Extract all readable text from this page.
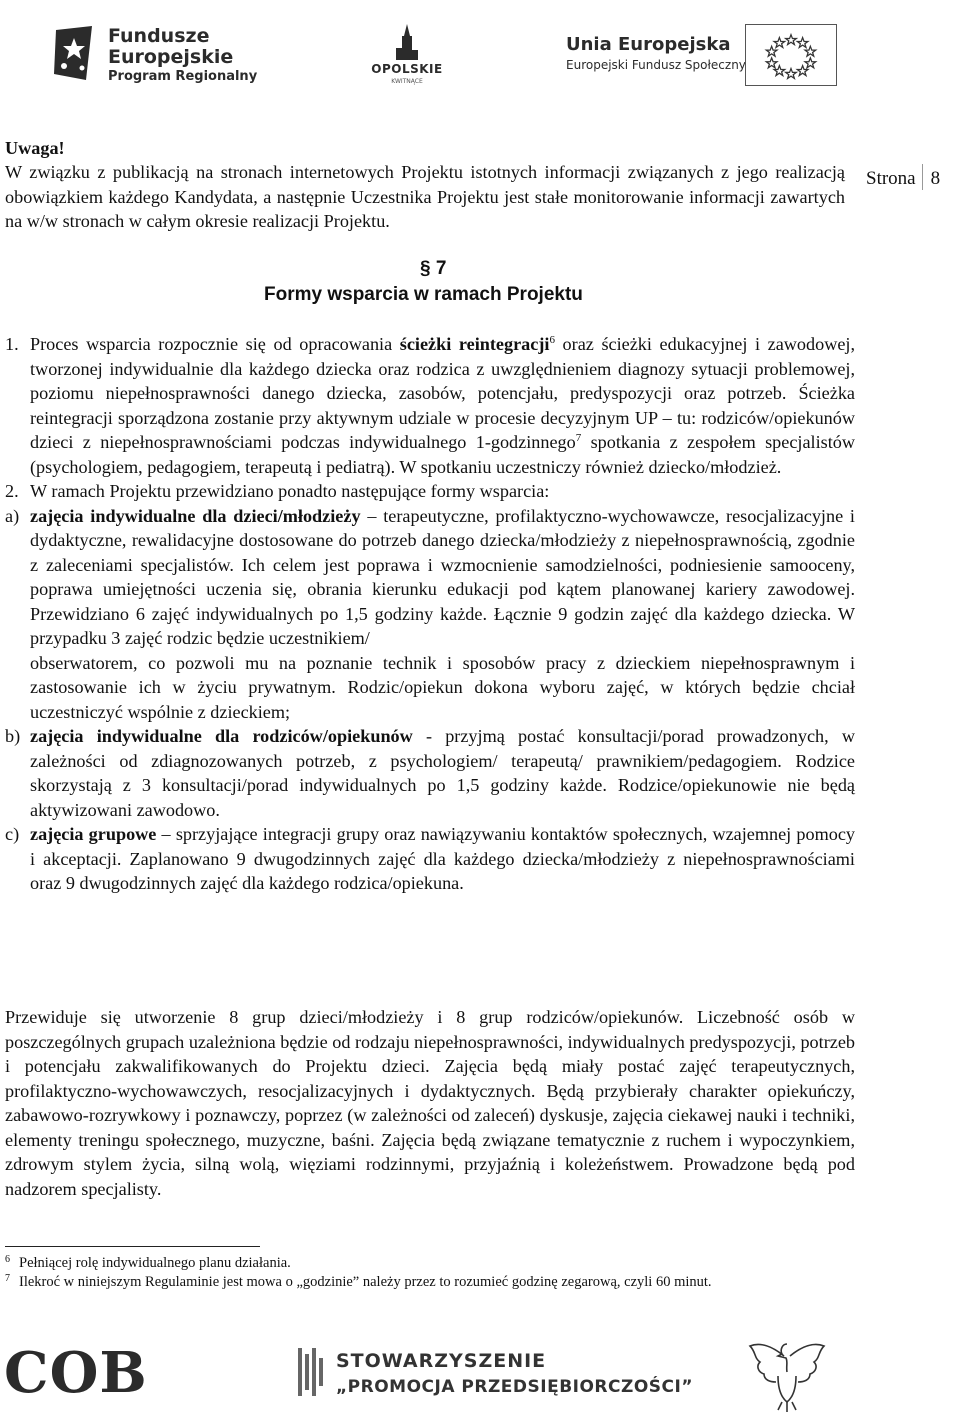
Fundusze
Europejskie
Program Regionalny	OPOLSKIE
KWITNĄCE
Unia Europejska
Europejski Fundusz Społeczny
Strona 8
Uwaga!
W związku z publikacją na stronach internetowych Projektu istotnych informacji związanych z jego realizacją obowiązkiem każdego Kandydata, a następnie Uczestnika Projektu jest stałe monitorowanie informacji zawartych na w/w stronach w całym okresie realizacji Projektu.
§ 7
Formy wsparcia w ramach Projektu
1. Proces wsparcia rozpocznie się od opracowania ścieżki reintegracji$^6$ oraz ścieżki edukacyjnej i zawodowej, tworzonej indywidualnie dla każdego dziecka oraz rodzica z uwzględnieniem diagnozy sytuacji problemowej, poziomu niepełnosprawności danego dziecka, zasobów, potencjału, predyspozycji oraz potrzeb. Ścieżka reintegracji sporządzona zostanie przy aktywnym udziale w procesie decyzyjnym UP – tu: rodziców/opiekunów dzieci z niepełnosprawnościami podczas indywidualnego 1-godzinnego$^7$ spotkania z zespołem specjalistów (psychologiem, pedagogiem, terapeutą i pediatrą). W spotkaniu uczestniczy również dziecko/młodzież.
2. W ramach Projektu przewidziano ponadto następujące formy wsparcia:
a) zajęcia indywidualne dla dzieci/młodzieży – terapeutyczne, profilaktyczno-wychowawcze, resocjalizacyjne i dydaktyczne, rewalidacyjne dostosowane do potrzeb danego dziecka/młodzieży z niepełnosprawnością, zgodnie z zaleceniami specjalistów. Ich celem jest poprawa i wzmocnienie samodzielności, podniesienie samooceny, poprawa umiejętności uczenia się, obrania kierunku edukacji pod kątem planowanej kariery zawodowej. Przewidziano 6 zajęć indywidualnych po 1,5 godziny każde. Łącznie 9 godzin zajęć dla każdego dziecka. W przypadku 3 zajęć rodzic będzie uczestnikiem/
obserwatorem, co pozwoli mu na poznanie technik i sposobów pracy z dzieckiem niepełnosprawnym i zastosowanie ich w życiu prywatnym. Rodzic/opiekun dokona wyboru zajęć, w których będzie chciał uczestniczyć wspólnie z dzieckiem;
b) zajęcia indywidualne dla rodziców/opiekunów - przyjmą postać konsultacji/porad prowadzonych, w zależności od zdiagnozowanych potrzeb, z psychologiem/ terapeutą/ prawnikiem/pedagogiem. Rodzice skorzystają z 3 konsultacji/porad indywidualnych po 1,5 godziny każde. Rodzice/opiekunowie nie będą aktywizowani zawodowo.
c) zajęcia grupowe – sprzyjające integracji grupy oraz nawiązywaniu kontaktów społecznych, wzajemnej pomocy i akceptacji. Zaplanowano 9 dwugodzinnych zajęć dla każdego dziecka/młodzieży z niepełnosprawnościami oraz 9 dwugodzinnych zajęć dla każdego rodzica/opiekuna.
Przewiduje się utworzenie 8 grup dzieci/młodzieży i 8 grup rodziców/opiekunów. Liczebność osób w poszczególnych grupach uzależniona będzie od rodzaju niepełnosprawności, indywidualnych predyspozycji, potrzeb i potencjału zakwalifikowanych do Projektu dzieci. Zajęcia będą miały postać zajęć terapeutycznych, profilaktyczno-wychowawczych, resocjalizacyjnych i dydaktycznych. Będą przybierały charakter opiekuńczy, zabawowo-rozrywkowy i poznawczy, poprzez (w zależności od zaleceń) dyskusje, zajęcia ciekawej nauki i techniki, elementy treningu społecznego, muzyczne, baśni. Zajęcia będą związane tematycznie z ruchem i wypoczynkiem, zdrowym stylem życia, silną wolą, więziami rodzinnymi, przyjaźnią i koleżeństwem. Prowadzone będą pod nadzorem specjalisty.
6 Pełniącej rolę indywidualnego planu działania.
7 Ilekroć w niniejszym Regulaminie jest mowa o „godzinie” należy przez to rozumieć godzinę zegarową, czyli 60 minut.
COB	STOWARZYSZENIE
„PROMOCJA PRZEDSIĘBIORCZOŚCI”
